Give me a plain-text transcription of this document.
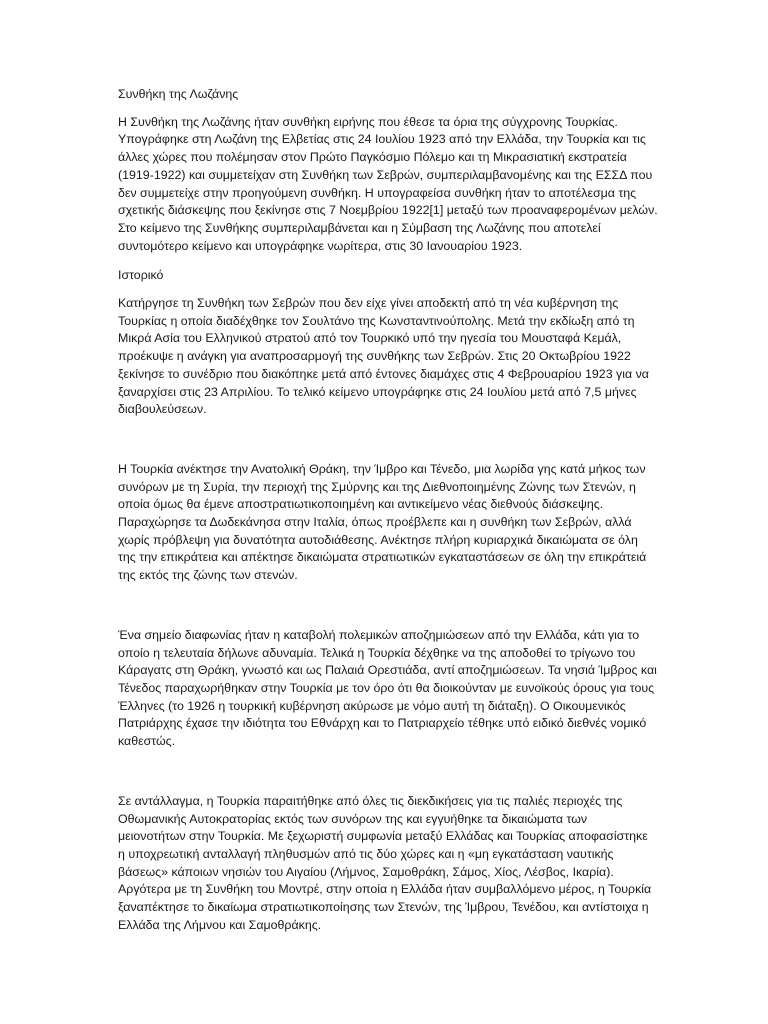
Συνθήκη της Λωζάνης

Η Συνθήκη της Λωζάνης ήταν συνθήκη ειρήνης που έθεσε τα όρια της σύγχρονης Τουρκίας. Υπογράφηκε στη Λωζάνη της Ελβετίας στις 24 Ιουλίου 1923 από την Ελλάδα, την Τουρκία και τις άλλες χώρες που πολέμησαν στον Πρώτο Παγκόσμιο Πόλεμο και τη Μικρασιατική εκστρατεία (1919-1922) και συμμετείχαν στη Συνθήκη των Σεβρών, συμπεριλαμβανομένης και της ΕΣΣΔ που δεν συμμετείχε στην προηγούμενη συνθήκη. Η υπογραφείσα συνθήκη ήταν το αποτέλεσμα της σχετικής διάσκεψης που ξεκίνησε στις 7 Νοεμβρίου 1922[1] μεταξύ των προαναφερομένων μελών. Στο κείμενο της Συνθήκης συμπεριλαμβάνεται και η Σύμβαση της Λωζάνης που αποτελεί συντομότερο κείμενο και υπογράφηκε νωρίτερα, στις 30 Ιανουαρίου 1923.

Ιστορικό

Κατήργησε τη Συνθήκη των Σεβρών που δεν είχε γίνει αποδεκτή από τη νέα κυβέρνηση της Τουρκίας η οποία διαδέχθηκε τον Σουλτάνο της Κωνσταντινούπολης. Μετά την εκδίωξη από τη Μικρά Ασία του Ελληνικού στρατού από τον Τουρκικό υπό την ηγεσία του Μουσταφά Κεμάλ, προέκυψε η ανάγκη για αναπροσαρμογή της συνθήκης των Σεβρών. Στις 20 Οκτωβρίου 1922 ξεκίνησε το συνέδριο που διακόπηκε μετά από έντονες διαμάχες στις 4 Φεβρουαρίου 1923 για να ξαναρχίσει στις 23 Απριλίου. Το τελικό κείμενο υπογράφηκε στις 24 Ιουλίου μετά από 7,5 μήνες διαβουλεύσεων.

Η Τουρκία ανέκτησε την Ανατολική Θράκη, την Ίμβρο και Τένεδο, μια λωρίδα γης κατά μήκος των συνόρων με τη Συρία, την περιοχή της Σμύρνης και της Διεθνοποιημένης Ζώνης των Στενών, η οποία όμως θα έμενε αποστρατιωτικοποιημένη και αντικείμενο νέας διεθνούς διάσκεψης. Παραχώρησε τα Δωδεκάνησα στην Ιταλία, όπως προέβλεπε και η συνθήκη των Σεβρών, αλλά χωρίς πρόβλεψη για δυνατότητα αυτοδιάθεσης. Ανέκτησε πλήρη κυριαρχικά δικαιώματα σε όλη της την επικράτεια και απέκτησε δικαιώματα στρατιωτικών εγκαταστάσεων σε όλη την επικράτειά της εκτός της ζώνης των στενών.

Ένα σημείο διαφωνίας ήταν η καταβολή πολεμικών αποζημιώσεων από την Ελλάδα, κάτι για το οποίο η τελευταία δήλωνε αδυναμία. Τελικά η Τουρκία δέχθηκε να της αποδοθεί το τρίγωνο του Κάραγατς στη Θράκη, γνωστό και ως Παλαιά Ορεστιάδα, αντί αποζημιώσεων. Τα νησιά Ίμβρος και Τένεδος παραχωρήθηκαν στην Τουρκία με τον όρο ότι θα διοικούνταν με ευνοϊκούς όρους για τους Έλληνες (το 1926 η τουρκική κυβέρνηση ακύρωσε με νόμο αυτή τη διάταξη). Ο Οικουμενικός Πατριάρχης έχασε την ιδιότητα του Εθνάρχη και το Πατριαρχείο τέθηκε υπό ειδικό διεθνές νομικό καθεστώς.

Σε αντάλλαγμα, η Τουρκία παραιτήθηκε από όλες τις διεκδικήσεις για τις παλιές περιοχές της Οθωμανικής Αυτοκρατορίας εκτός των συνόρων της και εγγυήθηκε τα δικαιώματα των μειονοτήτων στην Τουρκία. Με ξεχωριστή συμφωνία μεταξύ Ελλάδας και Τουρκίας αποφασίστηκε η υποχρεωτική ανταλλαγή πληθυσμών από τις δύο χώρες και η «μη εγκατάσταση ναυτικής βάσεως» κάποιων νησιών του Αιγαίου (Λήμνος, Σαμοθράκη, Σάμος, Χίος, Λέσβος, Ικαρία). Αργότερα με τη Συνθήκη του Μοντρέ, στην οποία η Ελλάδα ήταν συμβαλλόμενο μέρος, η Τουρκία ξαναπέκτησε το δικαίωμα στρατιωτικοποίησης των Στενών, της Ίμβρου, Τενέδου, και αντίστοιχα η Ελλάδα της Λήμνου και Σαμοθράκης.
